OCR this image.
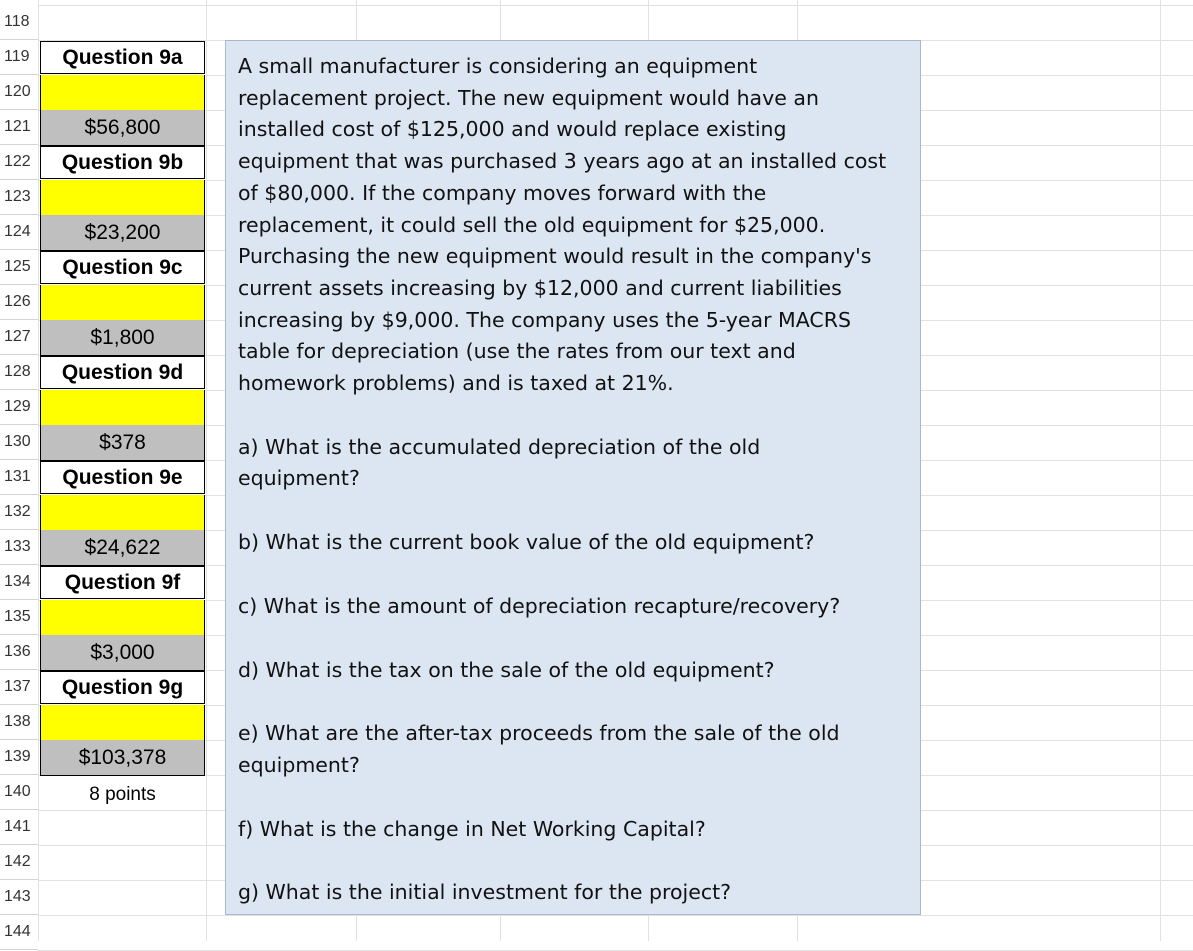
118
119
120
121
122
123
124
125
126
127
128
129
130
131
132
133
134
135
136
137
138
139
140
141
142
143
144
Question 9a
$56,800
Question 9b
$23,200
Question 9c
$1,800
Question 9d
$378
Question 9e
$24,622
Question 9f
$3,000
Question 9g
$103,378
8 points
A small manufacturer is considering an equipment
replacement project. The new equipment would have an
installed cost of $125,000 and would replace existing
equipment that was purchased 3 years ago at an installed cost
of $80,000. If the company moves forward with the
replacement, it could sell the old equipment for $25,000.
Purchasing the new equipment would result in the company's
current assets increasing by $12,000 and current liabilities
increasing by $9,000. The company uses the 5-year MACRS
table for depreciation (use the rates from our text and
homework problems) and is taxed at 21%.
a) What is the accumulated depreciation of the old
equipment?
b) What is the current book value of the old equipment?
c) What is the amount of depreciation recapture/recovery?
d) What is the tax on the sale of the old equipment?
e) What are the after-tax proceeds from the sale of the old
equipment?
f) What is the change in Net Working Capital?
g) What is the initial investment for the project?
